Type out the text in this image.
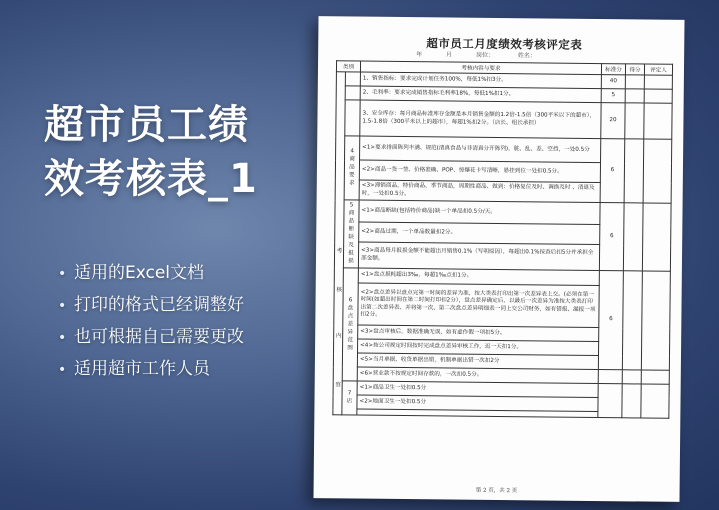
超市员工绩
效考核表_1
• 适用的Excel文档
• 打印的格式已经调整好
• 也可根据自己需要更改
• 适用超市工作人员
超市员工月度绩效考核评定表
年	月	岗位：	姓名：
类别		考核内容与要求	标准分	得分	评定人
考
核
内
容		1、销售指标：要求完成计划任务100%，每低1%扣3分。	40		
		2、毛利率：要求完成销售指标毛利率18%，每低1%扣1分。	5		
		3、安全库存：每月商品标准库存金额是本月销售金额的1.2倍-1.5倍（300平米以下的超市），1.5-1.8倍（300平米以上的超市），每超1%扣2分。（店长、组长承担）	20		
	4商品要求	<1>要求排面陈列丰满、规范(清真食品与非清真分开陈列)，脏、乱、差、空挡，一处0.5分	6		
		<2>商品一货一签、价格准确、POP、惊爆花卡写清晰，悬挂到位一处扣0.5分。			
		<3>滞销商品，特价商品、季节商品，周期性商品、做到：价格复位及时、调换及时 、清退及时，一处扣0.5分。			
	5商品断缺及报损	<1>商品断缺(包括特价商品)缺一个单品扣0.5分/天。	6		
		<2>商品过期，一个单品数量扣2分。			
		<3>商品每月报损金额不能超出月销售0.1%（写明原因），每超出0.1%按查后扣5分并承担全部金额。			
	6盘点差异范围	<1>盘点损耗超出3‰，每超1‰点扣1分。	6		
		<2>盘点差异以盘点完第一时间的差异为准，按大类表打印出第一次差异表上交。(必须在第一时间(如超出时间在第二时间打印扣2分），盘点差异确定后，以最后一次差异为准按大类表打印出第二次差异表、并将第一次、第二次盘点差异明细表一同上交公司财务，如有错报、漏报一项扣2分。			
		<3>盘点审核后，数据准确无误，如有虚作假一项扣5分。			
		<4>按公司规定时间按时完成盘点差异审核工作，迟一天扣1分。			
		<5>当月单据、收货单据出错，机制单据出错一次扣2分			
		<6>营业款不按规定时间存款的，一次扣0.5分。			
	7店	<1>商品卫生一处扣0.5分			
		<2>地面卫生一处扣0.5分			

第 2 页，共 2 页
